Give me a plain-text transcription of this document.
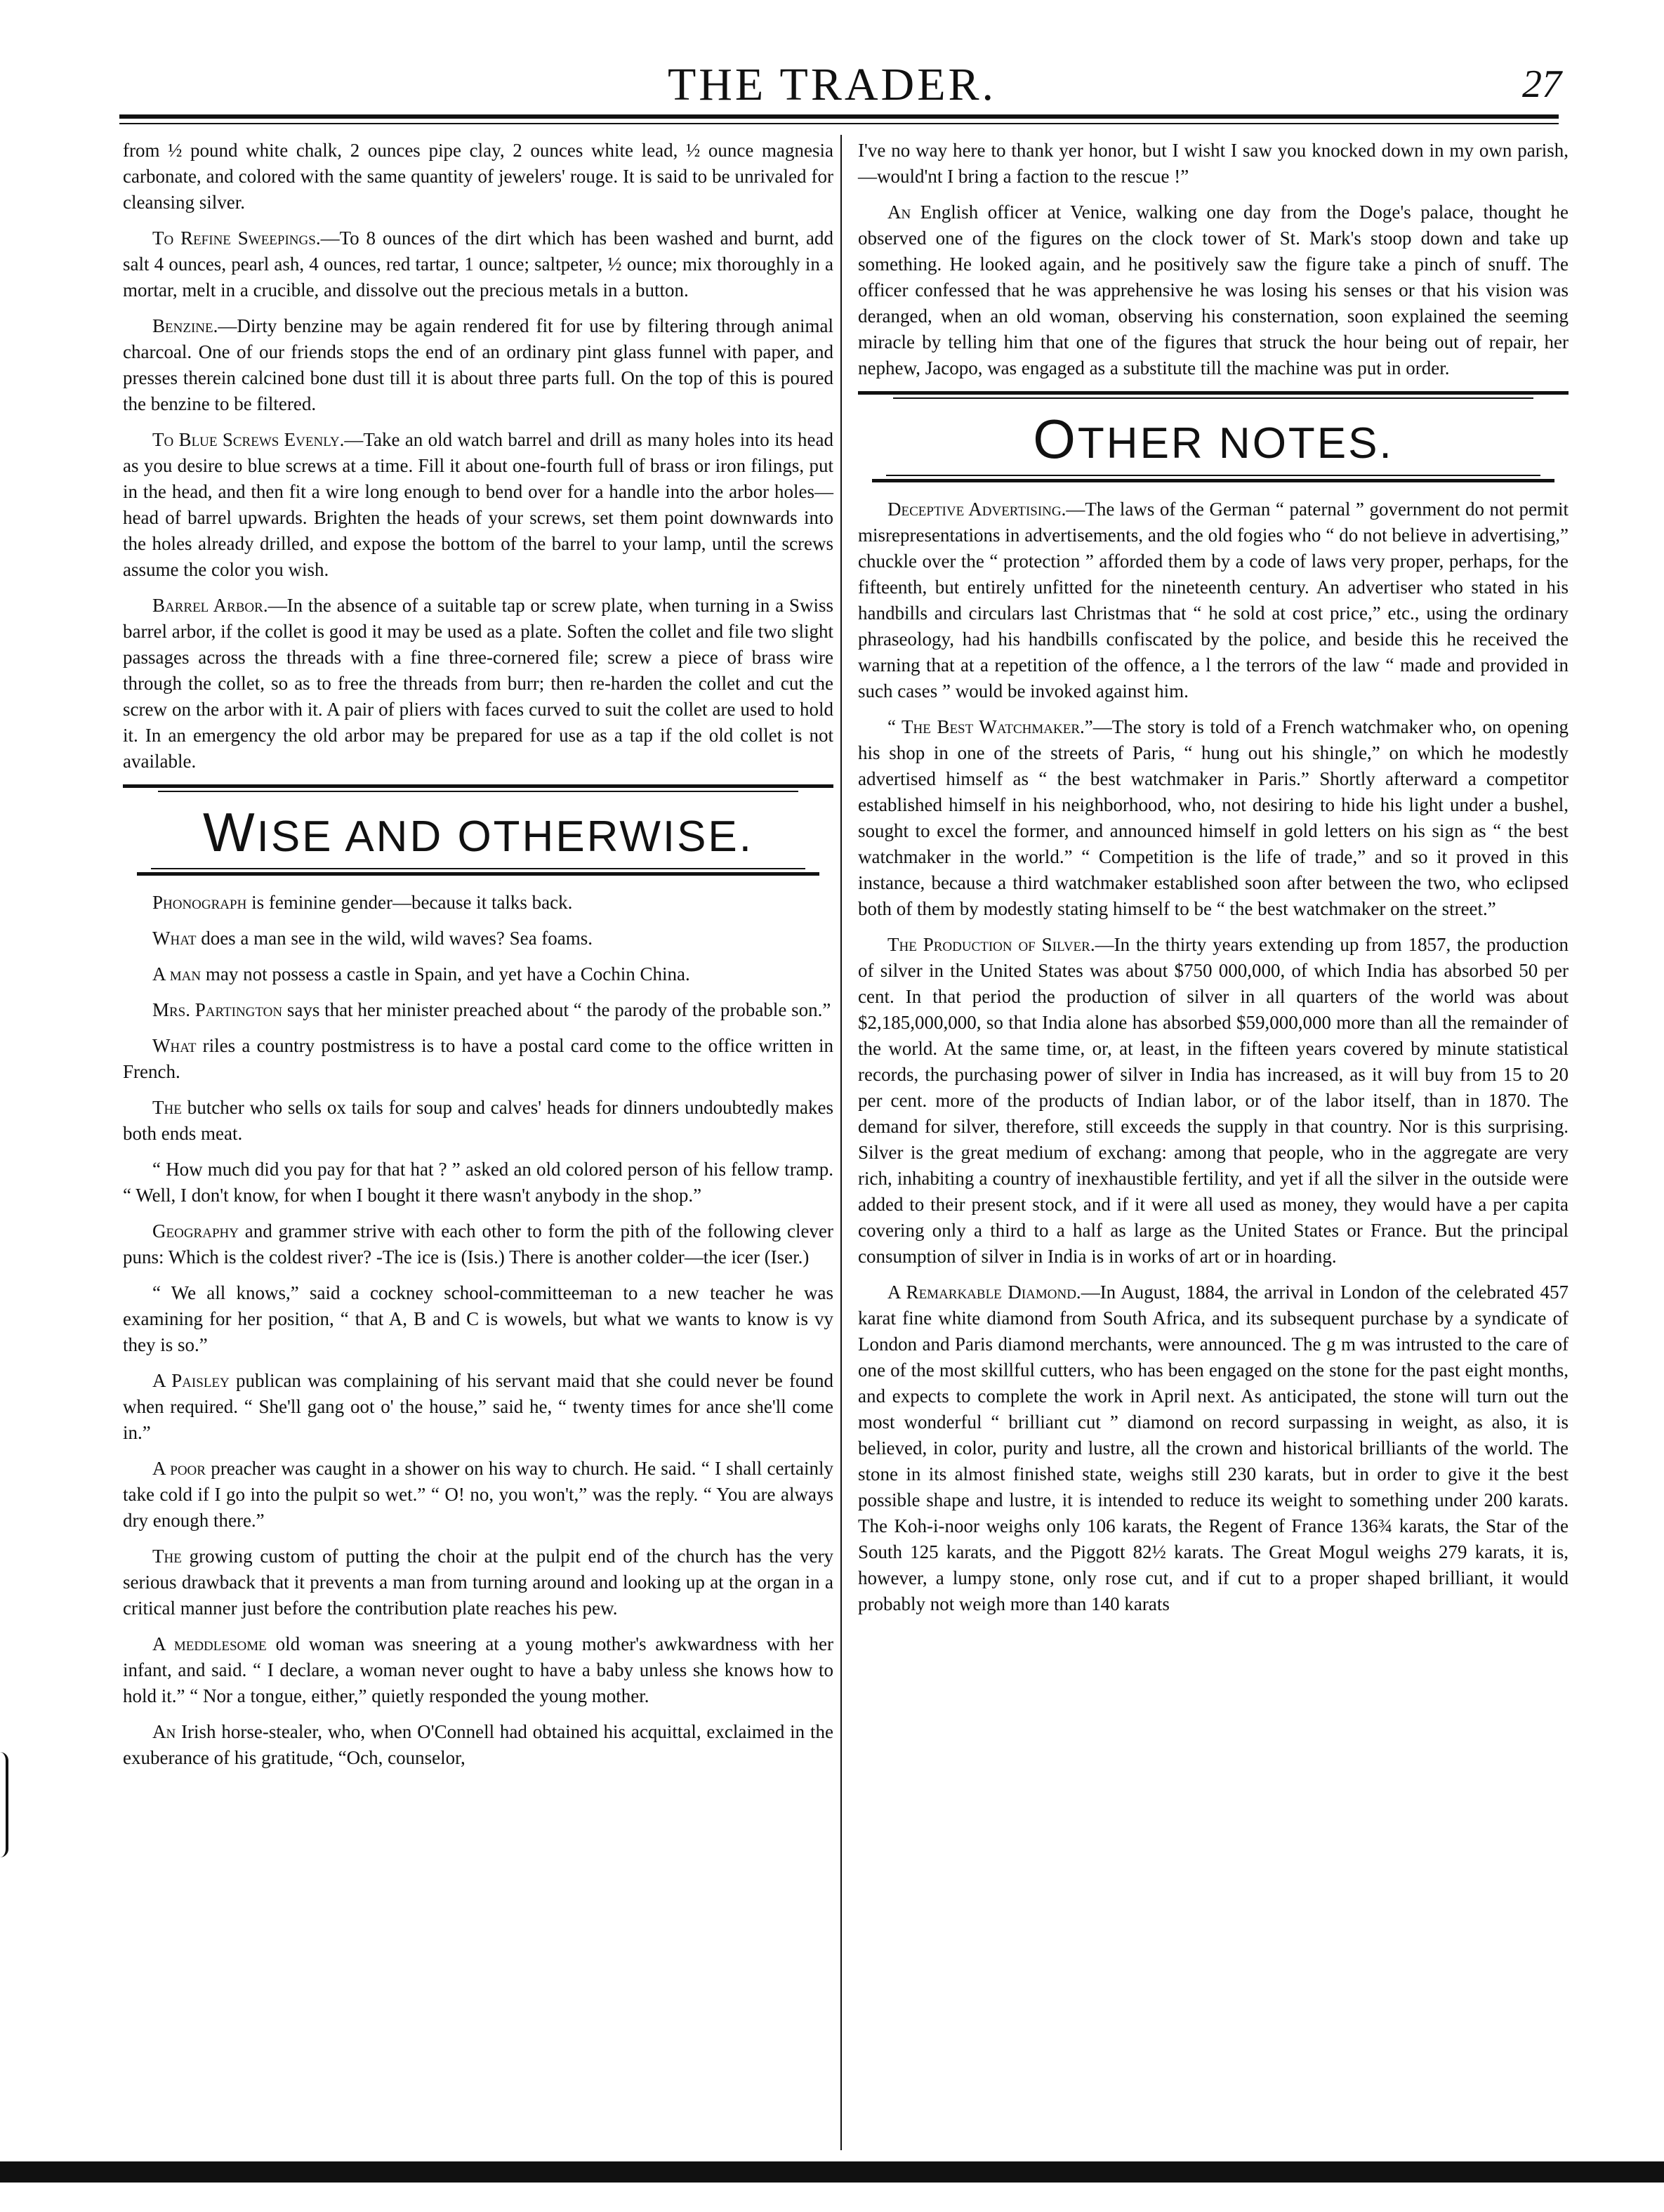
THE TRADER.	27

from ½ pound white chalk, 2 ounces pipe clay, 2 ounces white lead, ½ ounce magnesia carbonate, and colored with the same quantity of jewelers' rouge. It is said to be unrivaled for cleansing silver.

To Refine Sweepings.—To 8 ounces of the dirt which has been washed and burnt, add salt 4 ounces, pearl ash, 4 ounces, red tartar, 1 ounce; saltpeter, ½ ounce; mix thoroughly in a mortar, melt in a crucible, and dissolve out the precious metals in a button.

Benzine.—Dirty benzine may be again rendered fit for use by filtering through animal charcoal. One of our friends stops the end of an ordinary pint glass funnel with paper, and presses therein calcined bone dust till it is about three parts full. On the top of this is poured the benzine to be filtered.

To Blue Screws Evenly.—Take an old watch barrel and drill as many holes into its head as you desire to blue screws at a time. Fill it about one-fourth full of brass or iron filings, put in the head, and then fit a wire long enough to bend over for a handle into the arbor holes—head of barrel upwards. Brighten the heads of your screws, set them point downwards into the holes already drilled, and expose the bottom of the barrel to your lamp, until the screws assume the color you wish.

Barrel Arbor.—In the absence of a suitable tap or screw plate, when turning in a Swiss barrel arbor, if the collet is good it may be used as a plate. Soften the collet and file two slight passages across the threads with a fine three-cornered file; screw a piece of brass wire through the collet, so as to free the threads from burr; then re-harden the collet and cut the screw on the arbor with it. A pair of pliers with faces curved to suit the collet are used to hold it. In an emergency the old arbor may be prepared for use as a tap if the old collet is not available.

WISE AND OTHERWISE.

Phonograph is feminine gender—because it talks back.

What does a man see in the wild, wild waves? Sea foams.

A man may not possess a castle in Spain, and yet have a Cochin China.

Mrs. Partington says that her minister preached about “ the parody of the probable son.”

What riles a country postmistress is to have a postal card come to the office written in French.

The butcher who sells ox tails for soup and calves' heads for dinners undoubtedly makes both ends meat.

“ How much did you pay for that hat ? ” asked an old colored person of his fellow tramp. “ Well, I don't know, for when I bought it there wasn't anybody in the shop.”

Geography and grammer strive with each other to form the pith of the following clever puns: Which is the coldest river? -The ice is (Isis.) There is another colder—the icer (Iser.)

“ We all knows,” said a cockney school-committeeman to a new teacher he was examining for her position, “ that A, B and C is wowels, but what we wants to know is vy they is so.”

A Paisley publican was complaining of his servant maid that she could never be found when required. “ She'll gang oot o' the house,” said he, “ twenty times for ance she'll come in.”

A poor preacher was caught in a shower on his way to church. He said. “ I shall certainly take cold if I go into the pulpit so wet.” “ O! no, you won't,” was the reply. “ You are always dry enough there.”

The growing custom of putting the choir at the pulpit end of the church has the very serious drawback that it prevents a man from turning around and looking up at the organ in a critical manner just before the contribution plate reaches his pew.

A meddlesome old woman was sneering at a young mother's awkwardness with her infant, and said. “ I declare, a woman never ought to have a baby unless she knows how to hold it.” “ Nor a tongue, either,” quietly responded the young mother.

An Irish horse-stealer, who, when O'Connell had obtained his acquittal, exclaimed in the exuberance of his gratitude, “Och, counselor,

I've no way here to thank yer honor, but I wisht I saw you knocked down in my own parish,—would'nt I bring a faction to the rescue !”

An English officer at Venice, walking one day from the Doge's palace, thought he observed one of the figures on the clock tower of St. Mark's stoop down and take up something. He looked again, and he positively saw the figure take a pinch of snuff. The officer confessed that he was apprehensive he was losing his senses or that his vision was deranged, when an old woman, observing his consternation, soon explained the seeming miracle by telling him that one of the figures that struck the hour being out of repair, her nephew, Jacopo, was engaged as a substitute till the machine was put in order.

OTHER NOTES.

Deceptive Advertising.—The laws of the German “ paternal ” government do not permit misrepresentations in advertisements, and the old fogies who “ do not believe in advertising,” chuckle over the “ protection ” afforded them by a code of laws very proper, perhaps, for the fifteenth, but entirely unfitted for the nineteenth century. An advertiser who stated in his handbills and circulars last Christmas that “ he sold at cost price,” etc., using the ordinary phraseology, had his handbills confiscated by the police, and beside this he received the warning that at a repetition of the offence, a l the terrors of the law “ made and provided in such cases ” would be invoked against him.

“ The Best Watchmaker.”—The story is told of a French watchmaker who, on opening his shop in one of the streets of Paris, “ hung out his shingle,” on which he modestly advertised himself as “ the best watchmaker in Paris.” Shortly afterward a competitor established himself in his neighborhood, who, not desiring to hide his light under a bushel, sought to excel the former, and announced himself in gold letters on his sign as “ the best watchmaker in the world.” “ Competition is the life of trade,” and so it proved in this instance, because a third watchmaker established soon after between the two, who eclipsed both of them by modestly stating himself to be “ the best watchmaker on the street.”

The Production of Silver.—In the thirty years extending up from 1857, the production of silver in the United States was about $750 000,000, of which India has absorbed 50 per cent. In that period the production of silver in all quarters of the world was about $2,185,000,000, so that India alone has absorbed $59,000,000 more than all the remainder of the world. At the same time, or, at least, in the fifteen years covered by minute statistical records, the purchasing power of silver in India has increased, as it will buy from 15 to 20 per cent. more of the products of Indian labor, or of the labor itself, than in 1870. The demand for silver, therefore, still exceeds the supply in that country. Nor is this surprising. Silver is the great medium of exchang: among that people, who in the aggregate are very rich, inhabiting a country of inexhaustible fertility, and yet if all the silver in the outside were added to their present stock, and if it were all used as money, they would have a per capita covering only a third to a half as large as the United States or France. But the principal consumption of silver in India is in works of art or in hoarding.

A Remarkable Diamond.—In August, 1884, the arrival in London of the celebrated 457 karat fine white diamond from South Africa, and its subsequent purchase by a syndicate of London and Paris diamond merchants, were announced. The g m was intrusted to the care of one of the most skillful cutters, who has been engaged on the stone for the past eight months, and expects to complete the work in April next. As anticipated, the stone will turn out the most wonderful “ brilliant cut ” diamond on record surpassing in weight, as also, it is believed, in color, purity and lustre, all the crown and historical brilliants of the world. The stone in its almost finished state, weighs still 230 karats, but in order to give it the best possible shape and lustre, it is intended to reduce its weight to something under 200 karats. The Koh-i-noor weighs only 106 karats, the Regent of France 136¾ karats, the Star of the South 125 karats, and the Piggott 82½ karats. The Great Mogul weighs 279 karats, it is, however, a lumpy stone, only rose cut, and if cut to a proper shaped brilliant, it would probably not weigh more than 140 karats
